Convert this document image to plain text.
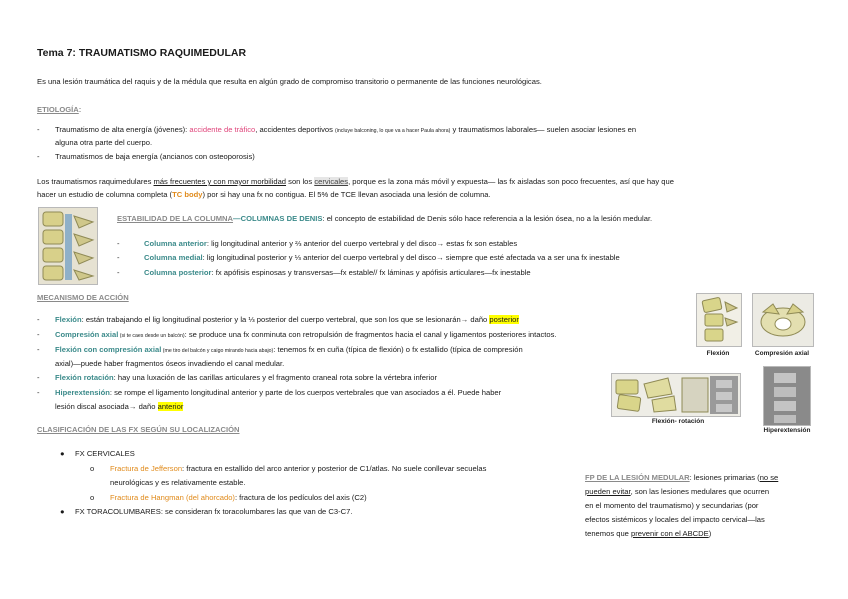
Tema 7: TRAUMATISMO RAQUIMEDULAR
Es una lesión traumática del raquis y de la médula que resulta en algún grado de compromiso transitorio o permanente de las funciones neurológicas.
ETIOLOGÍA:
- Traumatismo de alta energía (jóvenes): accidente de tráfico, accidentes deportivos (incluye balconing, lo que va a hacer Paula ahora) y traumatismos laborales— suelen asociar lesiones en
alguna otra parte del cuerpo.
- Traumatismos de baja energía (ancianos con osteoporosis)
Los traumatismos raquimedulares más frecuentes y con mayor morbilidad son los cervicales, porque es la zona más móvil y expuesta— las fx aisladas son poco frecuentes, así que hay que
hacer un estudio de columna completa (TC body) por si hay una fx no contigua. El 5% de TCE llevan asociada una lesión de columna.
ESTABILIDAD DE LA COLUMNA—COLUMNAS DE DENIS: el concepto de estabilidad de Denis sólo hace referencia a la lesión ósea, no a la lesión medular.
-	Columna anterior: lig longitudinal anterior y ⅔ anterior del cuerpo vertebral y del disco→ estas fx son estables
-	Columna medial: lig longitudinal posterior y ⅓ anterior del cuerpo vertebral y del disco→ siempre que esté afectada va a ser una fx inestable
-	Columna posterior: fx apófisis espinosas y transversas—fx estable// fx láminas y apófisis articulares—fx inestable
MECANISMO DE ACCIÓN
- Flexión: están trabajando el lig longitudinal posterior y la ⅓ posterior del cuerpo vertebral, que son los que se lesionarán→ daño posterior
- Compresión axial (si te caes desde un balcón): se produce una fx conminuta con retropulsión de fragmentos hacia el canal y ligamentos posteriores intactos.
- Flexión con compresión axial (me tiro del balcón y caigo mirando hacia abajo): tenemos fx en cuña (típica de flexión) o fx estallido (típica de compresión
axial)—puede haber fragmentos óseos invadiendo el canal medular.
- Flexión rotación: hay una luxación de las carillas articulares y el fragmento craneal rota sobre la vértebra inferior
- Hiperextensión: se rompe el ligamento longitudinal anterior y parte de los cuerpos vertebrales que van asociados a él. Puede haber
lesión discal asociada→ daño anterior
Flexión	Compresión axial
Flexión- rotación
Hiperextensión
CLASIFICACIÓN DE LAS FX SEGÚN SU LOCALIZACIÓN
● FX CERVICALES
o Fractura de Jefferson: fractura en estallido del arco anterior y posterior de C1/atlas. No suele conllevar secuelas
neurológicas y es relativamente estable.
o Fractura de Hangman (del ahorcado): fractura de los pedículos del axis (C2)
● FX TORACOLUMBARES: se consideran fx toracolumbares las que van de C3-C7.
FP DE LA LESIÓN MEDULAR: lesiones primarias (no se
pueden evitar, son las lesiones medulares que ocurren
en el momento del traumatismo) y secundarias (por
efectos sistémicos y locales del impacto cervical—las
tenemos que prevenir con el ABCDE)
